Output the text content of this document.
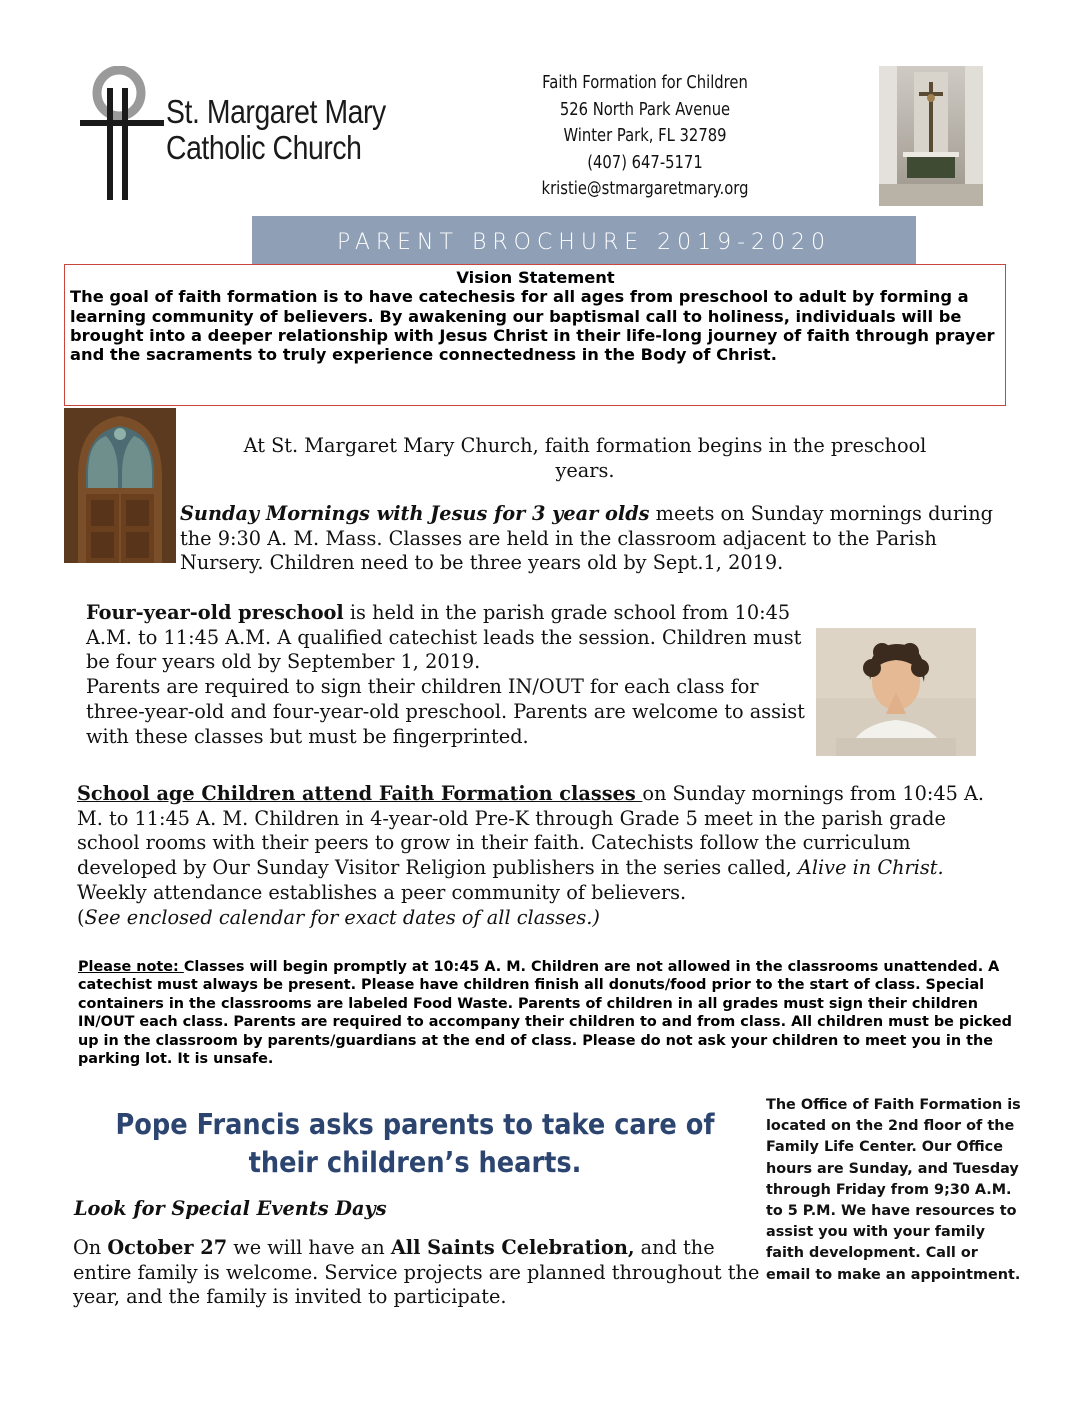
St. Margaret Mary
Catholic Church
Faith Formation for Children
526 North Park Avenue
Winter Park, FL 32789
(407) 647-5171
kristie@stmargaretmary.org
PARENT BROCHURE 2019-2020
Vision Statement
The goal of faith formation is to have catechesis for all ages from preschool to adult by forming a learning community of believers. By awakening our baptismal call to holiness, individuals will be brought into a deeper relationship with Jesus Christ in their life-long journey of faith through prayer and the sacraments to truly experience connectedness in the Body of Christ.
At St. Margaret Mary Church, faith formation begins in the preschool years.
Sunday Mornings with Jesus for 3 year olds meets on Sunday mornings during the 9:30 A. M. Mass. Classes are held in the classroom adjacent to the Parish Nursery. Children need to be three years old by Sept.1, 2019.
Four-year-old preschool is held in the parish grade school from 10:45 A.M. to 11:45 A.M. A qualified catechist leads the session. Children must be four years old by September 1, 2019.
Parents are required to sign their children IN/OUT for each class for three-year-old and four-year-old preschool. Parents are welcome to assist with these classes but must be fingerprinted.
School age Children attend Faith Formation classes on Sunday mornings from 10:45 A. M. to 11:45 A. M. Children in 4-year-old Pre-K through Grade 5 meet in the parish grade school rooms with their peers to grow in their faith. Catechists follow the curriculum developed by Our Sunday Visitor Religion publishers in the series called, Alive in Christ. Weekly attendance establishes a peer community of believers.
(See enclosed calendar for exact dates of all classes.)
Please note: Classes will begin promptly at 10:45 A. M. Children are not allowed in the classrooms unattended. A catechist must always be present. Please have children finish all donuts/food prior to the start of class. Special containers in the classrooms are labeled Food Waste. Parents of children in all grades must sign their children IN/OUT each class. Parents are required to accompany their children to and from class. All children must be picked up in the classroom by parents/guardians at the end of class. Please do not ask your children to meet you in the parking lot. It is unsafe.
Pope Francis asks parents to take care of their children’s hearts.
Look for Special Events Days
On October 27 we will have an All Saints Celebration, and the entire family is welcome. Service projects are planned throughout the year, and the family is invited to participate.
The Office of Faith Formation is located on the 2nd floor of the Family Life Center. Our Office hours are Sunday, and Tuesday through Friday from 9;30 A.M. to 5 P.M. We have resources to assist you with your family faith development. Call or email to make an appointment.
